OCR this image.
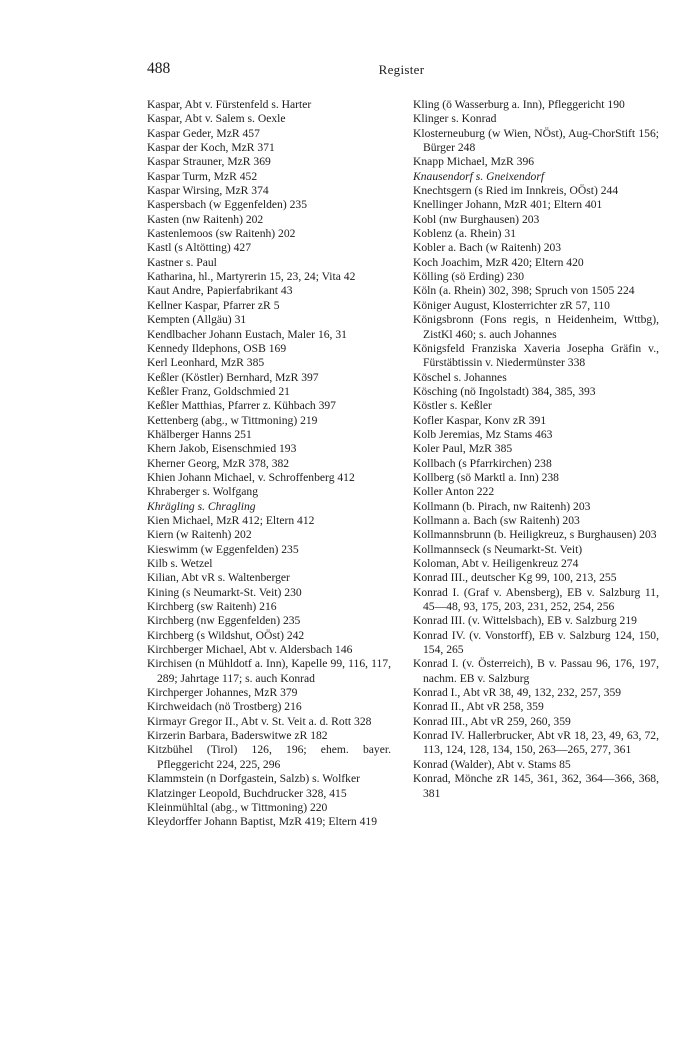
488	Register

Kaspar, Abt v. Fürstenfeld s. Harter

Kaspar, Abt v. Salem s. Oexle

Kaspar Geder, MzR 457

Kaspar der Koch, MzR 371

Kaspar Strauner, MzR 369

Kaspar Turm, MzR 452

Kaspar Wirsing, MzR 374

Kaspersbach (w Eggenfelden) 235

Kasten (nw Raitenh) 202

Kastenlemoos (sw Raitenh) 202

Kastl (s Altötting) 427

Kastner s. Paul

Katharina, hl., Martyrerin 15, 23, 24; Vita 42

Kaut Andre, Papierfabrikant 43

Kellner Kaspar, Pfarrer zR 5

Kempten (Allgäu) 31

Kendlbacher Johann Eustach, Maler 16, 31

Kennedy Ildephons, OSB 169

Kerl Leonhard, MzR 385

Keßler (Köstler) Bernhard, MzR 397

Keßler Franz, Goldschmied 21

Keßler Matthias, Pfarrer z. Kühbach 397

Kettenberg (abg., w Tittmoning) 219

Khälberger Hanns 251

Khern Jakob, Eisenschmied 193

Kherner Georg, MzR 378, 382

Khien Johann Michael, v. Schroffenberg 412

Khraberger s. Wolfgang

Khrägling s. Chragling

Kien Michael, MzR 412; Eltern 412

Kiern (w Raitenh) 202

Kieswimm (w Eggenfelden) 235

Kilb s. Wetzel

Kilian, Abt vR s. Waltenberger

Kining (s Neumarkt-St. Veit) 230

Kirchberg (sw Raitenh) 216

Kirchberg (nw Eggenfelden) 235

Kirchberg (s Wildshut, OÖst) 242

Kirchberger Michael, Abt v. Aldersbach 146

Kirchisen (n Mühldotf a. Inn), Kapelle 99, 116, 117, 289; Jahrtage 117; s. auch Konrad

Kirchperger Johannes, MzR 379

Kirchweidach (nö Trostberg) 216

Kirmayr Gregor II., Abt v. St. Veit a. d. Rott 328

Kirzerin Barbara, Baderswitwe zR 182

Kitzbühel (Tirol) 126, 196; ehem. bayer. Pfleggericht 224, 225, 296

Klammstein (n Dorfgastein, Salzb) s. Wolfker

Klatzinger Leopold, Buchdrucker 328, 415

Kleinmühltal (abg., w Tittmoning) 220

Kleydorffer Johann Baptist, MzR 419; Eltern 419

Kling (ö Wasserburg a. Inn), Pfleggericht 190

Klinger s. Konrad

Klosterneuburg (w Wien, NÖst), Aug-ChorStift 156; Bürger 248

Knapp Michael, MzR 396

Knausendorf s. Gneixendorf

Knechtsgern (s Ried im Innkreis, OÖst) 244

Knellinger Johann, MzR 401; Eltern 401

Kobl (nw Burghausen) 203

Koblenz (a. Rhein) 31

Kobler a. Bach (w Raitenh) 203

Koch Joachim, MzR 420; Eltern 420

Kölling (sö Erding) 230

Köln (a. Rhein) 302, 398; Spruch von 1505 224

Königer August, Klosterrichter zR 57, 110

Königsbronn (Fons regis, n Heidenheim, Wttbg), ZistKl 460; s. auch Johannes

Königsfeld Franziska Xaveria Josepha Gräfin v., Fürstäbtissin v. Niedermünster 338

Köschel s. Johannes

Kösching (nö Ingolstadt) 384, 385, 393

Köstler s. Keßler

Kofler Kaspar, Konv zR 391

Kolb Jeremias, Mz Stams 463

Koler Paul, MzR 385

Kollbach (s Pfarrkirchen) 238

Kollberg (sö Marktl a. Inn) 238

Koller Anton 222

Kollmann (b. Pirach, nw Raitenh) 203

Kollmann a. Bach (sw Raitenh) 203

Kollmannsbrunn (b. Heiligkreuz, s Burghausen) 203

Kollmannseck (s Neumarkt-St. Veit)

Koloman, Abt v. Heiligenkreuz 274

Konrad III., deutscher Kg 99, 100, 213, 255

Konrad I. (Graf v. Abensberg), EB v. Salzburg 11, 45—48, 93, 175, 203, 231, 252, 254, 256

Konrad III. (v. Wittelsbach), EB v. Salzburg 219

Konrad IV. (v. Vonstorff), EB v. Salzburg 124, 150, 154, 265

Konrad I. (v. Österreich), B v. Passau 96, 176, 197, nachm. EB v. Salzburg

Konrad I., Abt vR 38, 49, 132, 232, 257, 359

Konrad II., Abt vR 258, 359

Konrad III., Abt vR 259, 260, 359

Konrad IV. Hallerbrucker, Abt vR 18, 23, 49, 63, 72, 113, 124, 128, 134, 150, 263—265, 277, 361

Konrad (Walder), Abt v. Stams 85

Konrad, Mönche zR 145, 361, 362, 364—366, 368, 381
